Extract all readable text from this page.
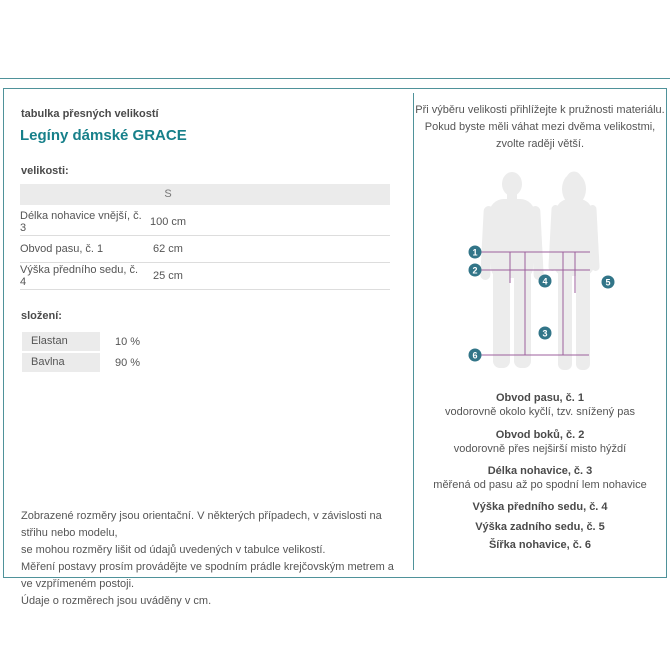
tabulka přesných velikostí
Legíny dámské GRACE
velikosti:
S
Délka nohavice vnější, č. 3	100 cm
Obvod pasu, č. 1	62 cm
Výška předního sedu, č. 4	25 cm
složení:
Elastan	10 %
Bavlna	90 %
Zobrazené rozměry jsou orientační. V některých případech, v závislosti na střihu nebo modelu,
se mohou rozměry lišit od údajů uvedených v tabulce velikostí.
Měření postavy prosím provádějte ve spodním prádle krejčovským metrem a ve vzpřímeném postoji.
Údaje o rozměrech jsou uváděny v cm.
Při výběru velikosti přihlížejte k pružnosti materiálu.
Pokud byste měli váhat mezi dvěma velikostmi,
zvolte raději větší.
1
2
4	5
3
6
Obvod pasu, č. 1
vodorovně okolo kyčlí, tzv. snížený pas
Obvod boků, č. 2
vodorovně přes nejširší misto hýždí
Délka nohavice, č. 3
měřená od pasu až po spodní lem nohavice
Výška předního sedu, č. 4
Výška zadního sedu, č. 5
Šířka nohavice, č. 6
